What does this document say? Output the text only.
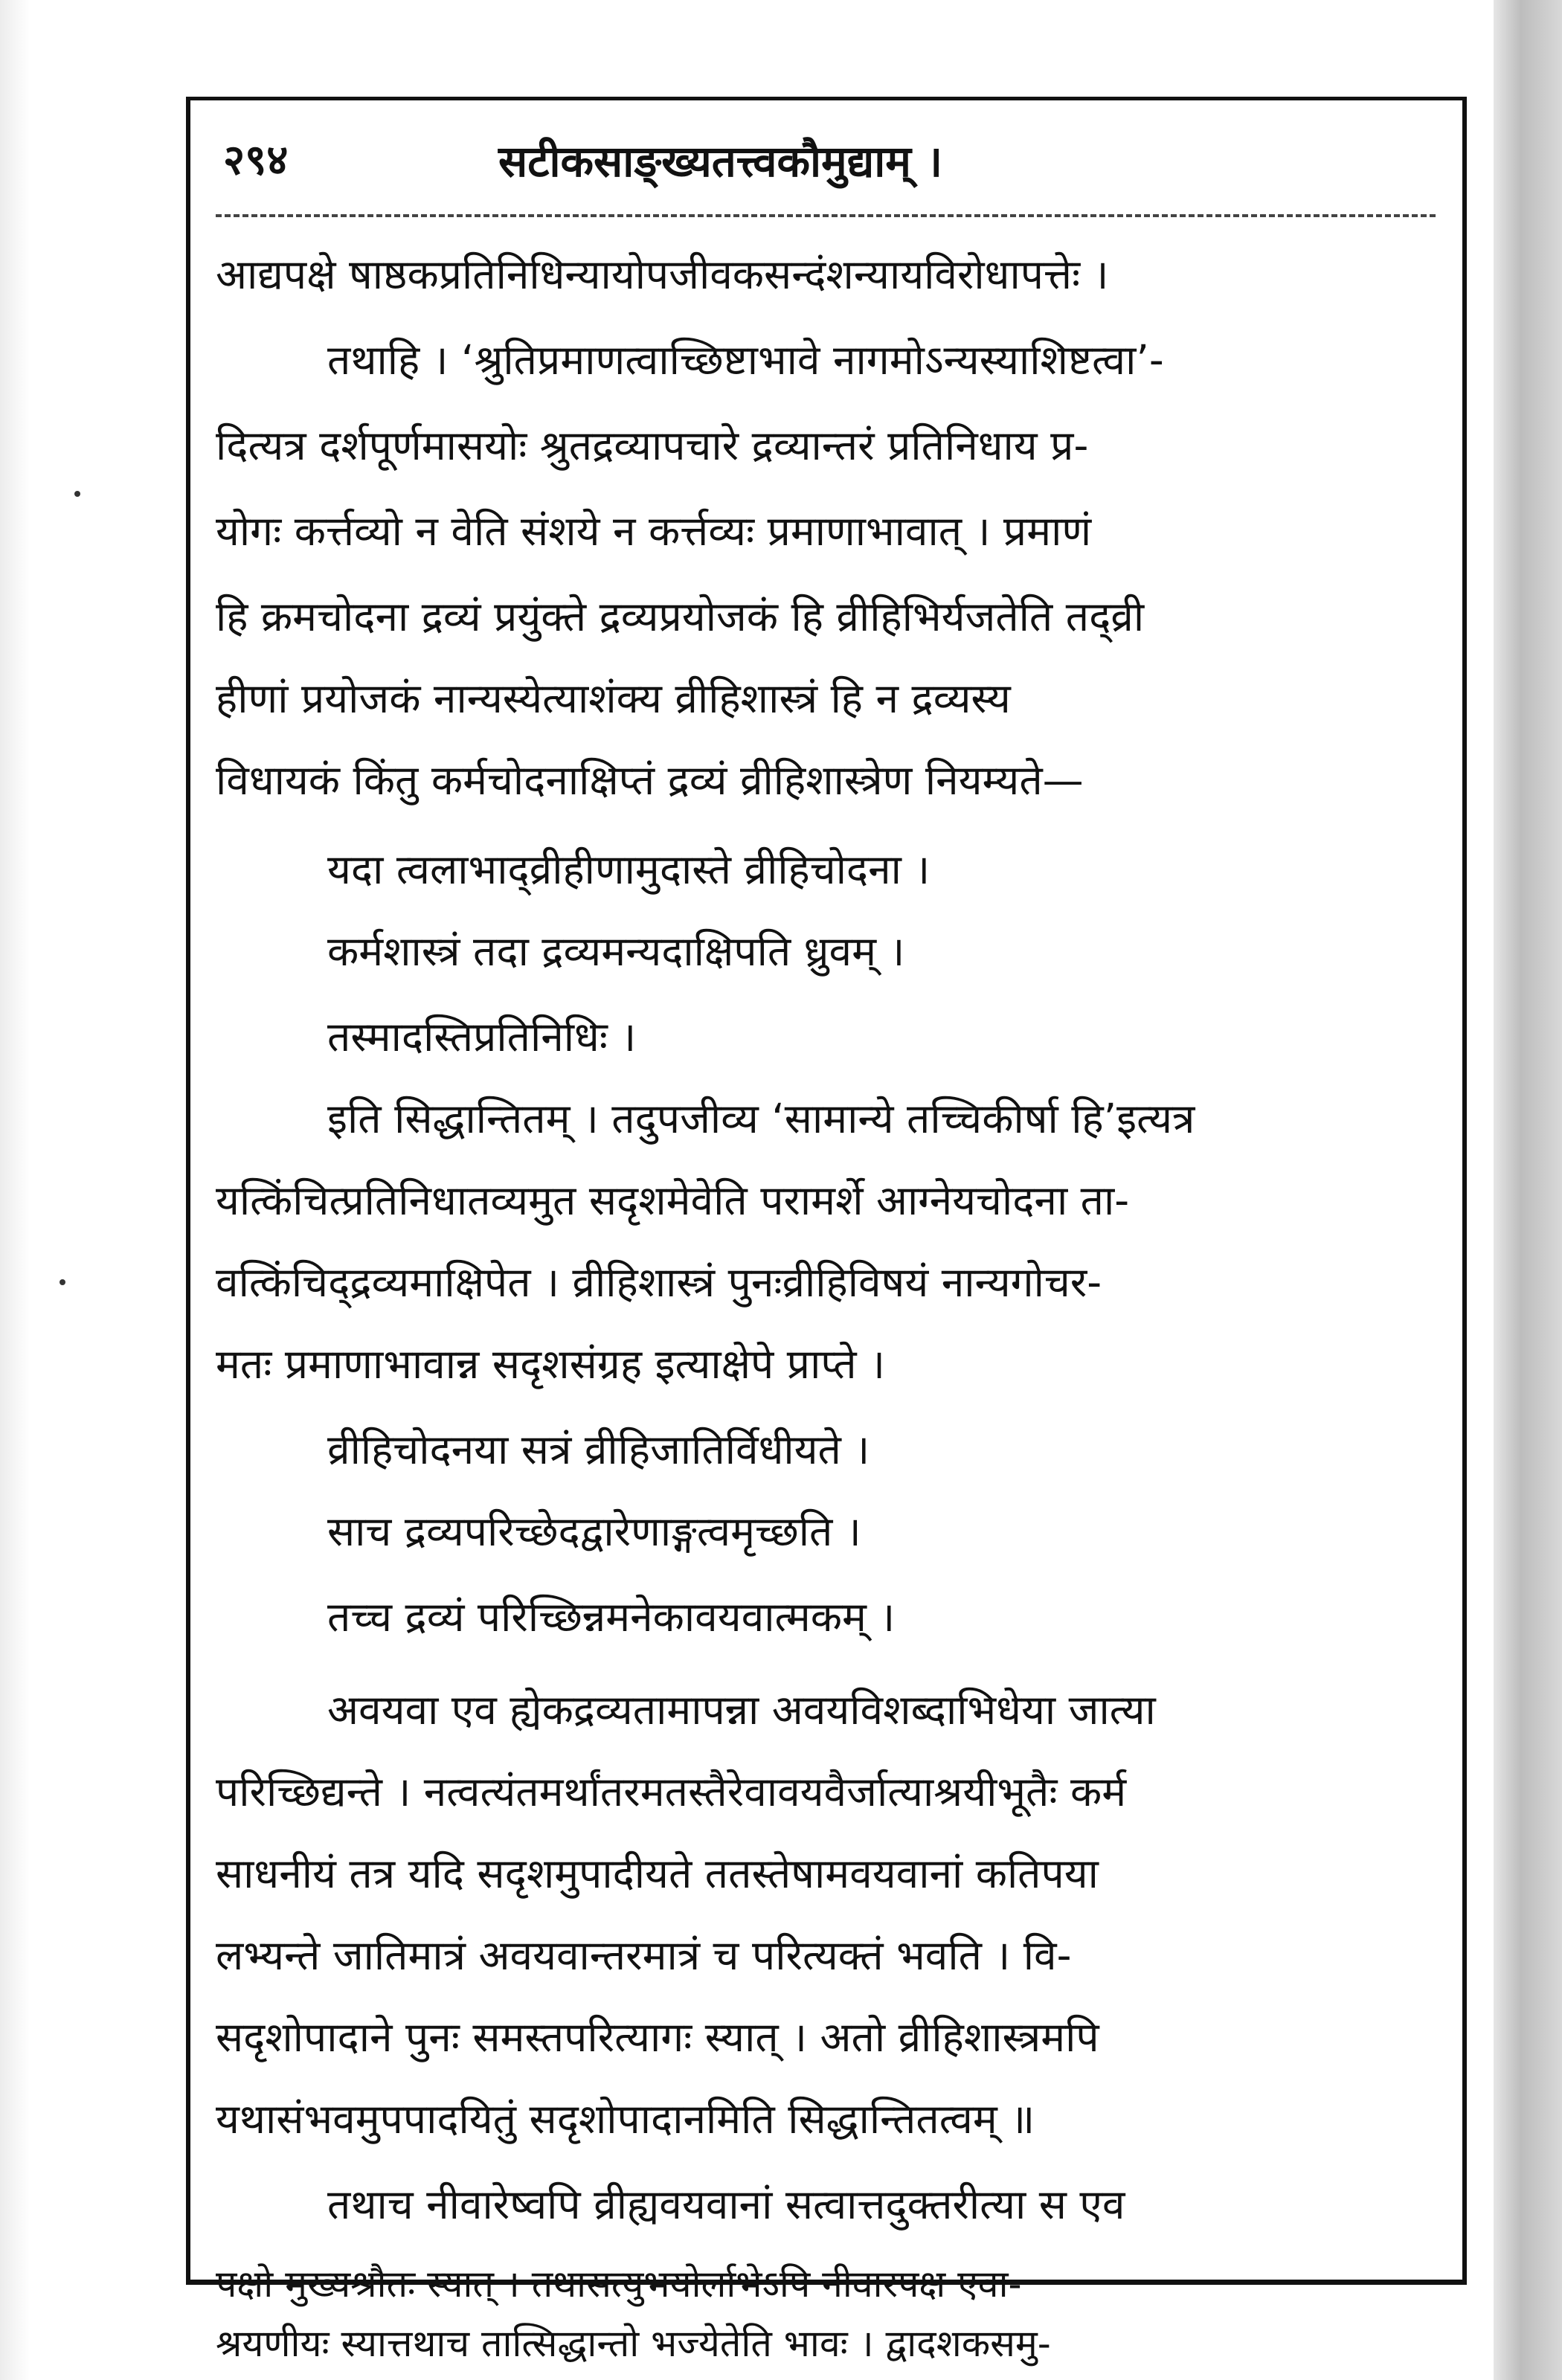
२९४	सटीकसाङ्ख्यतत्त्वकौमुद्याम् ।
आद्यपक्षे षाष्ठकप्रतिनिधिन्यायोपजीवकसन्दंशन्यायविरोधापत्तेः ।
तथाहि । ‘श्रुतिप्रमाणत्वाच्छिष्टाभावे नागमोऽन्यस्याशिष्टत्वा’-
दित्यत्र दर्शपूर्णमासयोः श्रुतद्रव्यापचारे द्रव्यान्तरं प्रतिनिधाय प्र-
योगः कर्त्तव्यो न वेति संशये न कर्त्तव्यः प्रमाणाभावात् । प्रमाणं
हि क्रमचोदना द्रव्यं प्रयुंक्ते द्रव्यप्रयोजकं हि व्रीहिभिर्यजतेति तद्व्री
हीणां प्रयोजकं नान्यस्येत्याशंक्य व्रीहिशास्त्रं हि न द्रव्यस्य
विधायकं किंतु कर्मचोदनाक्षिप्तं द्रव्यं व्रीहिशास्त्रेण नियम्यते—
यदा त्वलाभाद्व्रीहीणामुदास्ते व्रीहिचोदना ।
कर्मशास्त्रं तदा द्रव्यमन्यदाक्षिपति ध्रुवम् ।
तस्मादस्तिप्रतिनिधिः ।
इति सिद्धान्तितम् । तदुपजीव्य ‘सामान्ये तच्चिकीर्षा हि’इत्यत्र
यत्किंचित्प्रतिनिधातव्यमुत सदृशमेवेति परामर्शे आग्नेयचोदना ता-
वत्किंचिद्द्रव्यमाक्षिपेत । व्रीहिशास्त्रं पुनःव्रीहिविषयं नान्यगोचर-
मतः प्रमाणाभावान्न सदृशसंग्रह इत्याक्षेपे प्राप्ते ।
व्रीहिचोदनया सत्रं व्रीहिजातिर्विधीयते ।
साच द्रव्यपरिच्छेदद्वारेणाङ्गत्वमृच्छति ।
तच्च द्रव्यं परिच्छिन्नमनेकावयवात्मकम् ।
अवयवा एव ह्येकद्रव्यतामापन्ना अवयविशब्दाभिधेया जात्या
परिच्छिद्यन्ते । नत्वत्यंतमर्थांतरमतस्तैरेवावयवैर्जात्याश्रयीभूतैः कर्म
साधनीयं तत्र यदि सदृशमुपादीयते ततस्तेषामवयवानां कतिपया
लभ्यन्ते जातिमात्रं अवयवान्तरमात्रं च परित्यक्तं भवति । वि-
सदृशोपादाने पुनः समस्तपरित्यागः स्यात् । अतो व्रीहिशास्त्रमपि
यथासंभवमुपपादयितुं सदृशोपादानमिति सिद्धान्तितत्वम् ॥
तथाच नीवारेष्वपि व्रीह्यवयवानां सत्वात्तदुक्तरीत्या स एव
पक्षो मुख्यश्रौतः स्यात् । तथासत्युभयोर्लाभेऽपि नीवारपक्ष एवा-
श्रयणीयः स्यात्तथाच तात्सिद्धान्तो भज्येतेति भावः । द्वादशकसमु-
